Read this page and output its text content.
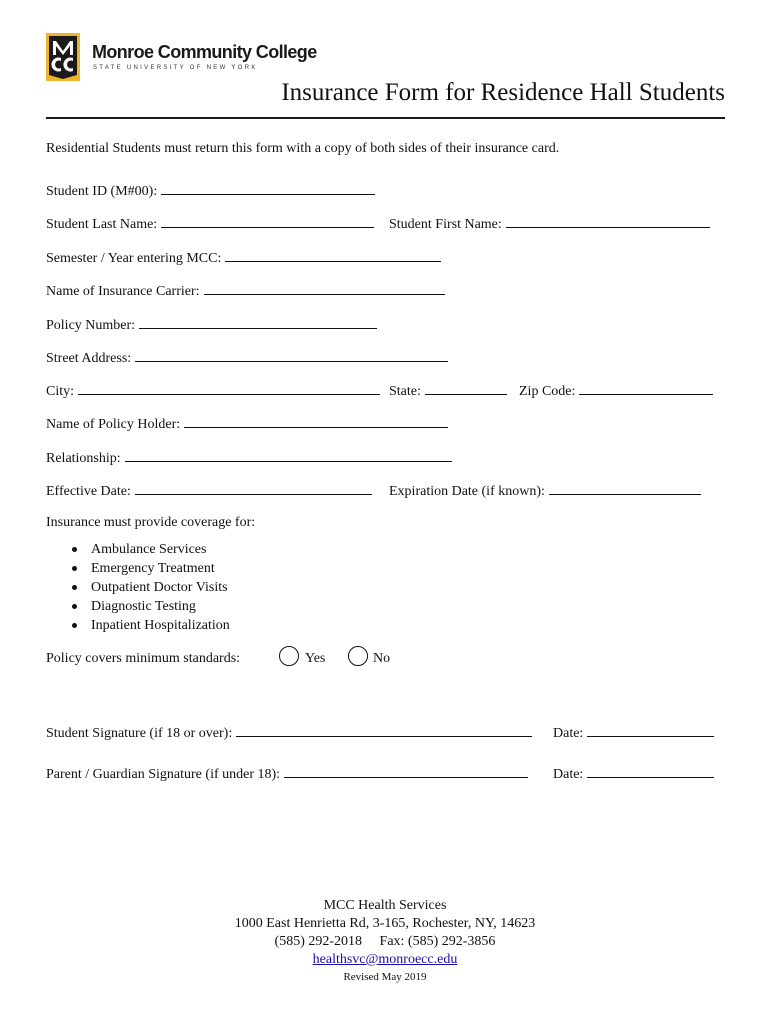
Monroe Community College
STATE UNIVERSITY OF NEW YORK
Insurance Form for Residence Hall Students
Residential Students must return this form with a copy of both sides of their insurance card.
Student ID (M#00):
Student Last Name:	Student First Name:
Semester / Year entering MCC:
Name of Insurance Carrier:
Policy Number:
Street Address:
City:	State:	Zip Code:
Name of Policy Holder:
Relationship:
Effective Date:	Expiration Date (if known):
Insurance must provide coverage for:
Ambulance Services
Emergency Treatment
Outpatient Doctor Visits
Diagnostic Testing
Inpatient Hospitalization
Policy covers minimum standards:	Yes	No
Student Signature (if 18 or over):	Date:
Parent / Guardian Signature (if under 18):	Date:
MCC Health Services
1000 East Henrietta Rd, 3-165, Rochester, NY, 14623
(585) 292-2018 Fax: (585) 292-3856
healthsvc@monroecc.edu
Revised May 2019
